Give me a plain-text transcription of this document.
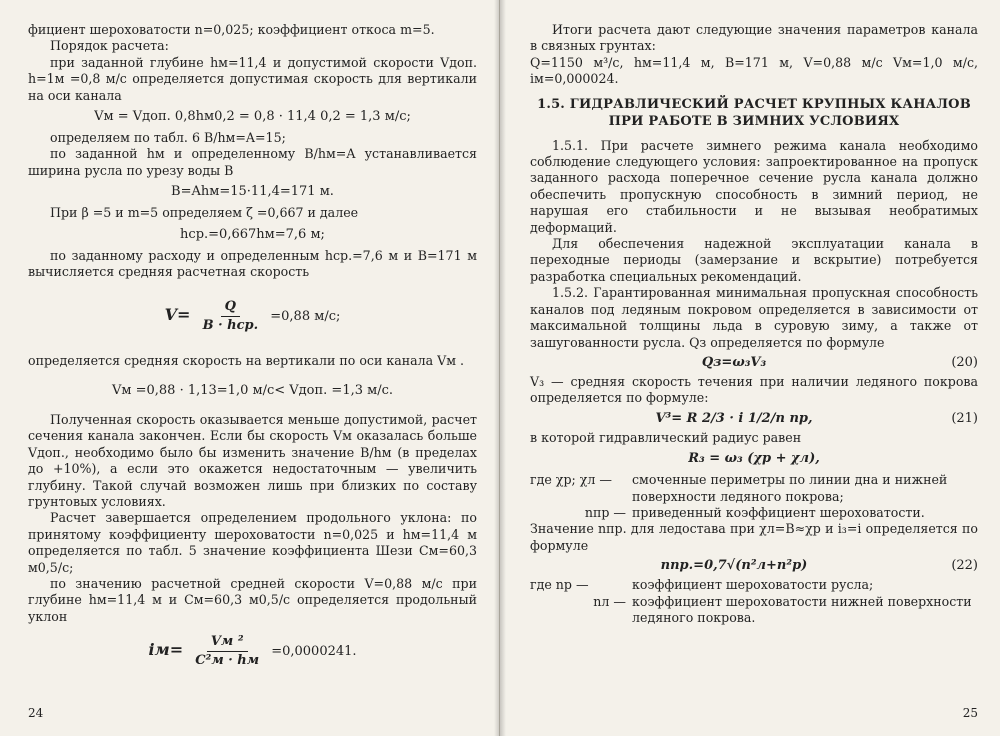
фициент шероховатости n=0,025; коэффициент откоса m=5.

Порядок расчета:

при заданной глубине hм=11,4 и допустимой скорости Vдоп. h=1м =0,8 м/с определяется допустимая скорость для вертикали на оси канала

Vм = Vдоп. 0,8hм0,2 = 0,8 · 11,4 0,2 = 1,3 м/с;

определяем по табл. 6 B/hм=A=15;

по заданной hм и определенному B/hм=A устанавливается ширина русла по урезу воды B

B=Ahм=15·11,4=171 м.

При β =5 и m=5 определяем ζ =0,667 и далее

hср.=0,667hм=7,6 м;

по заданному расходу и определенным hср.=7,6 м и B=171 м вычисляется средняя расчетная скорость

$V= \frac{Q}{\text{B · hср.}} =0,88$ м/с;

определяется средняя скорость на вертикали по оси канала Vм .

Vм =0,88 · 1,13=1,0 м/с< Vдоп. =1,3 м/с.

Полученная скорость оказывается меньше допустимой, расчет сечения канала закончен. Если бы скорость Vм оказалась больше Vдоп., необходимо было бы изменить значение B/hм (в пределах до +10%), а если это окажется недостаточным — увеличить глубину. Такой случай возможен лишь при близких по составу грунтовых условиях.

Расчет завершается определением продольного уклона: по принятому коэффициенту шероховатости n=0,025 и hм=11,4 м определяется по табл. 5 значение коэффициента Шези Cм=60,3 м0,5/с;

по значению расчетной средней скорости V=0,88 м/с при глубине hм=11,4 м и Cм=60,3 м0,5/с определяется продольный уклон

$iм= \frac{\text{Vм ²}}{\text{C²м · hм}} =0,0000241$.
24

Итоги расчета дают следующие значения параметров канала в связных грунтах:

Q=1150 м³/с, hм=11,4 м, B=171 м, V=0,88 м/с Vм=1,0 м/с, iм=0,000024.

1.5. ГИДРАВЛИЧЕСКИЙ РАСЧЕТ КРУПНЫХ КАНАЛОВ ПРИ РАБОТЕ В ЗИМНИХ УСЛОВИЯХ

1.5.1. При расчете зимнего режима канала необходимо соблюдение следующего условия: запроектированное на пропуск заданного расхода поперечное сечение русла канала должно обеспечить пропускную способность в зимний период, не нарушая его стабильности и не вызывая необратимых деформаций.

Для обеспечения надежной эксплуатации канала в переходные периоды (замерзание и вскрытие) потребуется разработка специальных рекомендаций.

1.5.2. Гарантированная минимальная пропускная способность каналов под ледяным покровом определяется в зависимости от максимальной толщины льда в суровую зиму, а также от зашугованности русла. Qз определяется по формуле

Qз=ω₃V₃	(20)

V₃ — средняя скорость течения при наличии ледяного покрова определяется по формуле:

V³= R 2/3 · i 1/2/n пр,	(21)

в которой гидравлический радиус равен

R₃ = ω₃ (χр + χл),
где χр; χл —	смоченные периметры по линии дна и нижней поверхности ледяного покрова;
nпр — приведенный коэффициент шероховатости.

Значение nпр. для ледостава при χл=B≈χр и i₃=i определяется по формуле

nпр.=0,7√(n²л+n²р)	(22)
где nр —	коэффициент шероховатости русла;
nл — коэффициент шероховатости нижней поверхности ледяного покрова.
25
